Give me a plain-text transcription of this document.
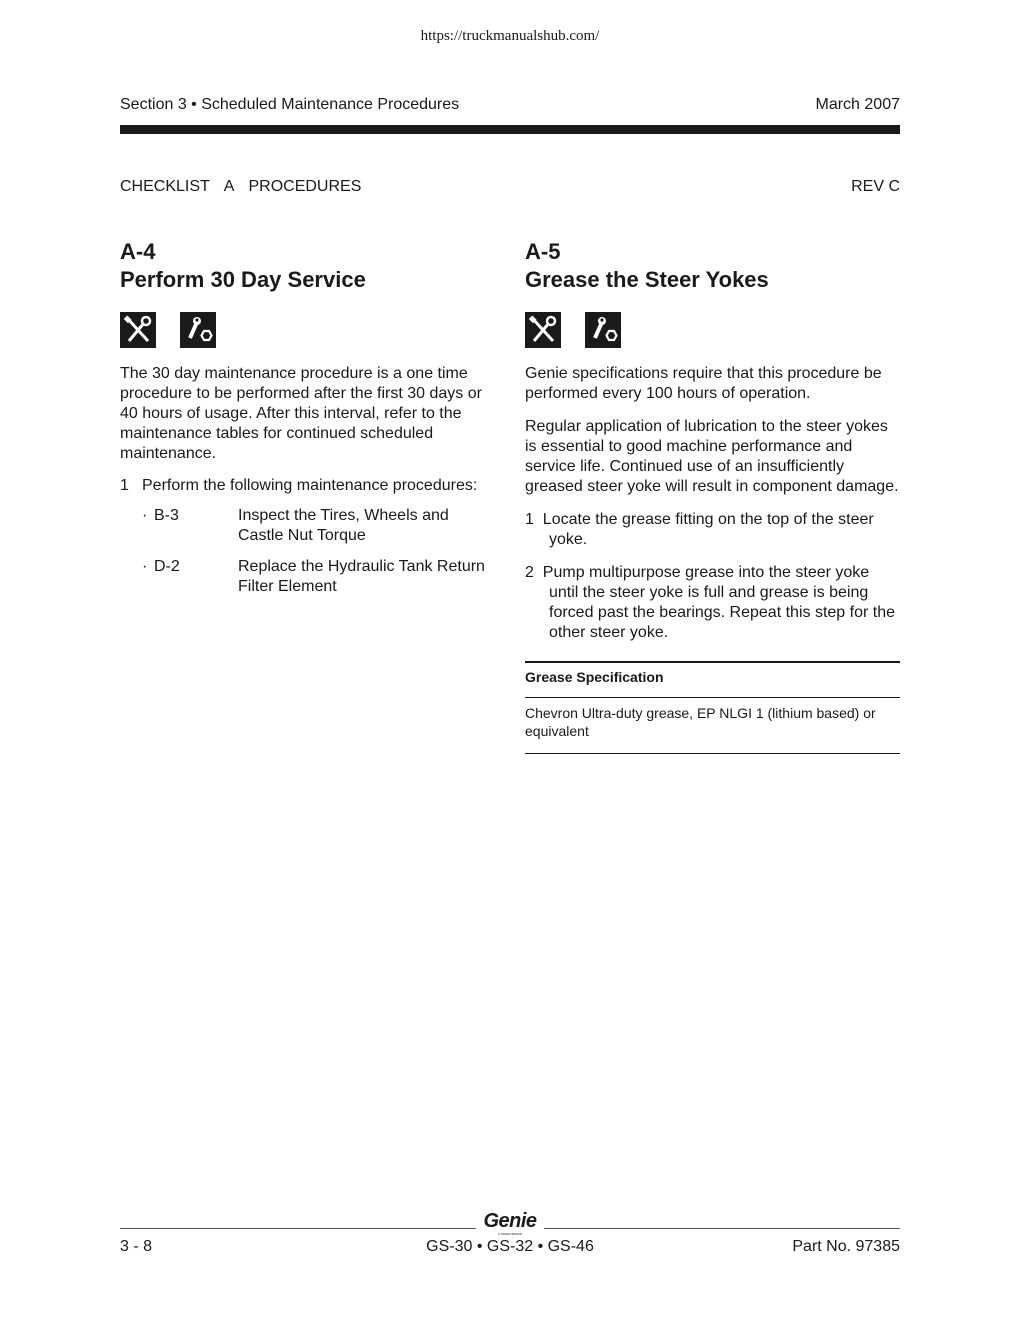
https://truckmanualshub.com/
Section 3 • Scheduled Maintenance Procedures	March 2007
CHECKLIST A PROCEDURES	REV C
A-4
Perform 30 Day Service

The 30 day maintenance procedure is a one time procedure to be performed after the first 30 days or 40 hours of usage. After this interval, refer to the maintenance tables for continued scheduled maintenance.

1 Perform the following maintenance procedures:
· B-3	Inspect the Tires, Wheels and Castle Nut Torque
· D-2	Replace the Hydraulic Tank Return Filter Element
A-5
Grease the Steer Yokes

Genie specifications require that this procedure be performed every 100 hours of operation.

Regular application of lubrication to the steer yokes is essential to good machine performance and service life. Continued use of an insufficiently greased steer yoke will result in component damage.

1 Locate the grease fitting on the top of the steer yoke.

2 Pump multipurpose grease into the steer yoke until the steer yoke is full and grease is being forced past the bearings. Repeat this step for the other steer yoke.

Grease Specification
Chevron Ultra-duty grease, EP NLGI 1 (lithium based) or equivalent
Genie
A TEREX BRAND
3 - 8	GS-30 • GS-32 • GS-46	Part No. 97385
